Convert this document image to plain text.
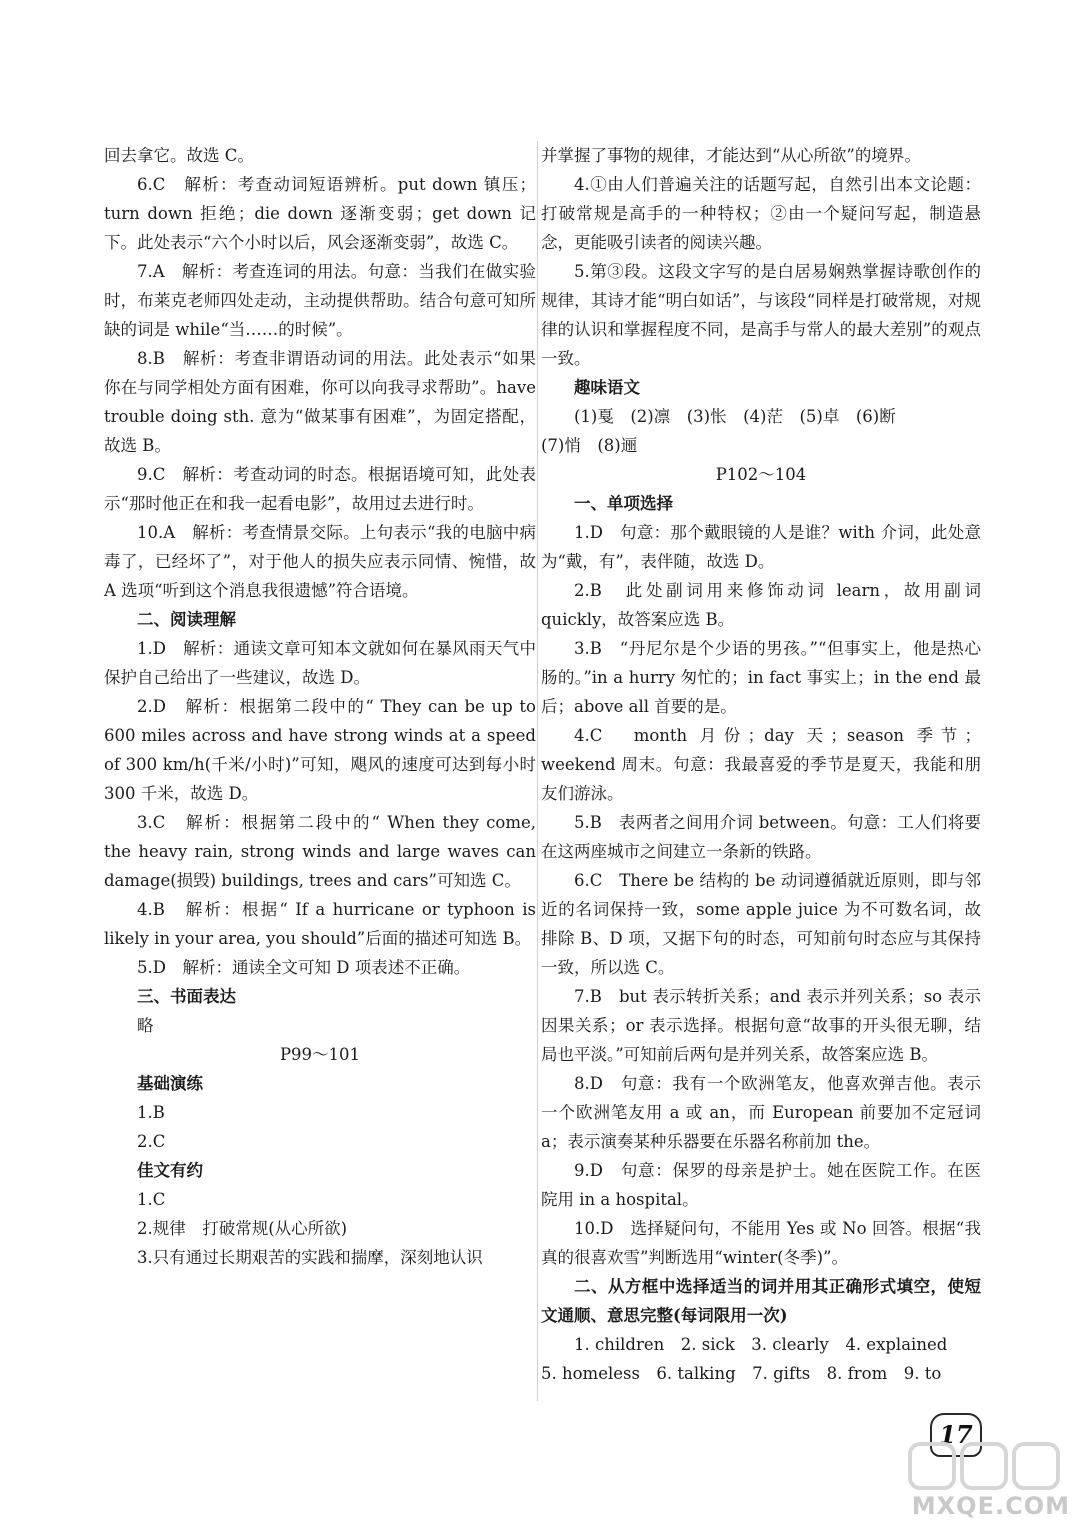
回去拿它。故选 C。

6.C　解析：考查动词短语辨析。put down 镇压；turn down 拒绝；die down 逐渐变弱；get down 记下。此处表示“六个小时以后，风会逐渐变弱”，故选 C。

7.A　解析：考查连词的用法。句意：当我们在做实验时，布莱克老师四处走动，主动提供帮助。结合句意可知所缺的词是 while“当……的时候”。

8.B　解析：考查非谓语动词的用法。此处表示“如果你在与同学相处方面有困难，你可以向我寻求帮助”。have trouble doing sth. 意为“做某事有困难”，为固定搭配，故选 B。

9.C　解析：考查动词的时态。根据语境可知，此处表示“那时他正在和我一起看电影”，故用过去进行时。

10.A　解析：考查情景交际。上句表示“我的电脑中病毒了，已经坏了”，对于他人的损失应表示同情、惋惜，故 A 选项“听到这个消息我很遗憾”符合语境。

二、阅读理解

1.D　解析：通读文章可知本文就如何在暴风雨天气中保护自己给出了一些建议，故选 D。

2.D　解析：根据第二段中的“ They can be up to 600 miles across and have strong winds at a speed of 300 km/h(千米/小时)”可知，飓风的速度可达到每小时 300 千米，故选 D。

3.C　解析：根据第二段中的“ When they come, the heavy rain, strong winds and large waves can damage(损毁) buildings, trees and cars”可知选 C。

4.B　解析：根据“ If a hurricane or typhoon is likely in your area, you should”后面的描述可知选 B。

5.D　解析：通读全文可知 D 项表述不正确。

三、书面表达

略

P99～101

基础演练

1.B

2.C

佳文有约

1.C

2.规律　打破常规(从心所欲)

3.只有通过长期艰苦的实践和揣摩，深刻地认识

并掌握了事物的规律，才能达到“从心所欲”的境界。

4.①由人们普遍关注的话题写起，自然引出本文论题：打破常规是高手的一种特权；②由一个疑问写起，制造悬念，更能吸引读者的阅读兴趣。

5.第③段。这段文字写的是白居易娴熟掌握诗歌创作的规律，其诗才能“明白如话”，与该段“同样是打破常规，对规律的认识和掌握程度不同，是高手与常人的最大差别”的观点一致。

趣味语文

(1)戛　(2)凛　(3)怅　(4)茫　(5)卓　(6)断

(7)悄　(8)逦

P102～104

一、单项选择

1.D　句意：那个戴眼镜的人是谁？with 介词，此处意为“戴，有”，表伴随，故选 D。

2.B　此处副词用来修饰动词 learn，故用副词 quickly，故答案应选 B。

3.B　“丹尼尔是个少语的男孩。”“但事实上，他是热心肠的。”in a hurry 匆忙的；in fact 事实上；in the end 最后；above all 首要的是。

4.C　month 月份；day 天；season 季节；weekend 周末。句意：我最喜爱的季节是夏天，我能和朋友们游泳。

5.B　表两者之间用介词 between。句意：工人们将要在这两座城市之间建立一条新的铁路。

6.C　There be 结构的 be 动词遵循就近原则，即与邻近的名词保持一致，some apple juice 为不可数名词，故排除 B、D 项，又据下句的时态，可知前句时态应与其保持一致，所以选 C。

7.B　but 表示转折关系；and 表示并列关系；so 表示因果关系；or 表示选择。根据句意“故事的开头很无聊，结局也平淡。”可知前后两句是并列关系，故答案应选 B。

8.D　句意：我有一个欧洲笔友，他喜欢弹吉他。表示一个欧洲笔友用 a 或 an，而 European 前要加不定冠词 a；表示演奏某种乐器要在乐器名称前加 the。

9.D　句意：保罗的母亲是护士。她在医院工作。在医院用 in a hospital。

10.D　选择疑问句，不能用 Yes 或 No 回答。根据“我真的很喜欢雪”判断选用“winter(冬季)”。

二、从方框中选择适当的词并用其正确形式填空，使短文通顺、意思完整(每词限用一次)

1. children　2. sick　3. clearly　4. explained

5. homeless　6. talking　7. gifts　8. from　9. to

17
MXQE.COM
